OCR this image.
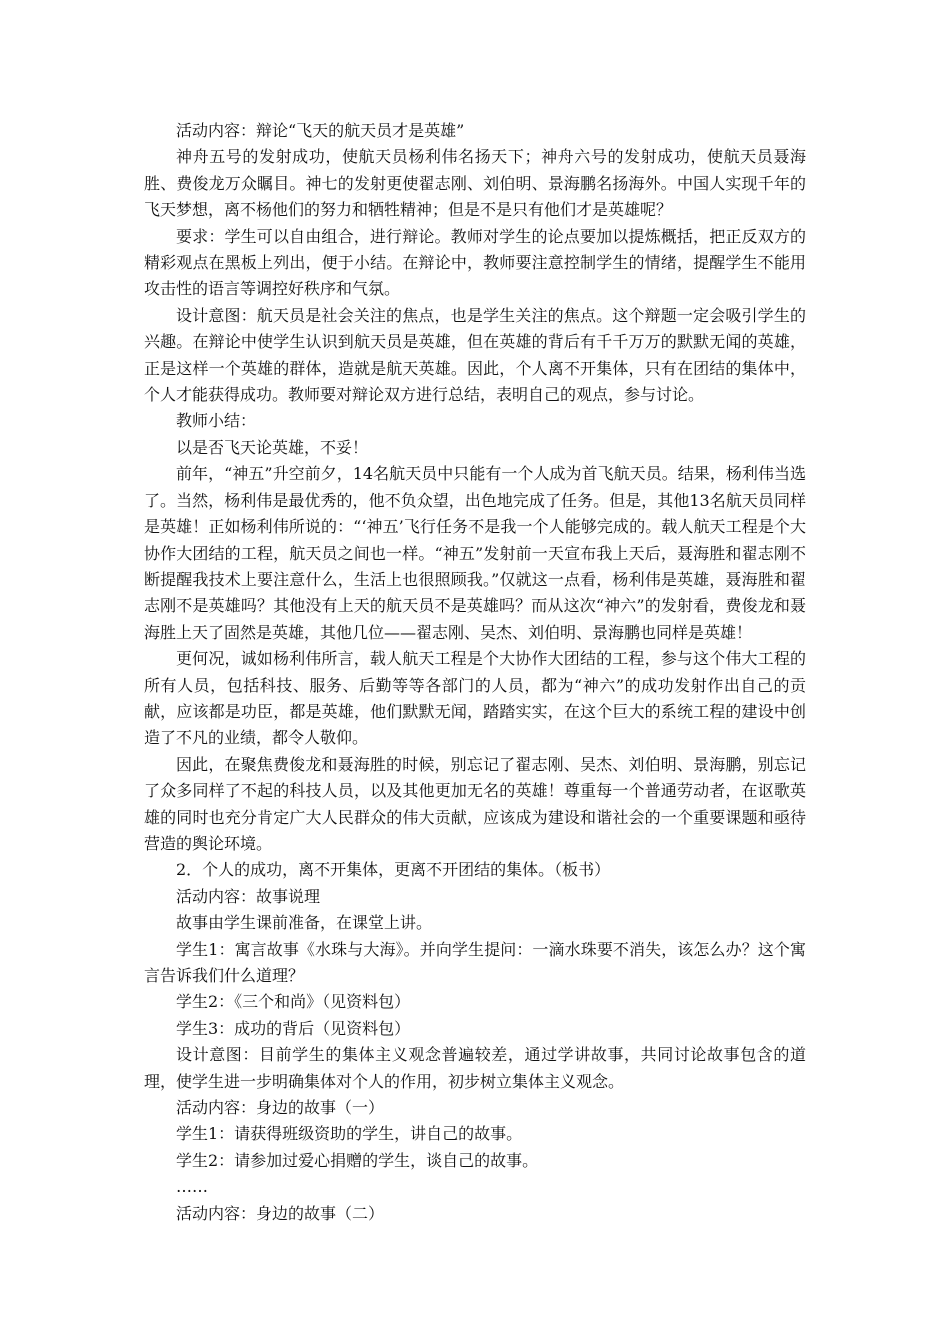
活动内容：辩论“飞天的航天员才是英雄”

神舟五号的发射成功，使航天员杨利伟名扬天下；神舟六号的发射成功，使航天员聂海胜、费俊龙万众瞩目。神七的发射更使翟志刚、刘伯明、景海鹏名扬海外。中国人实现千年的飞天梦想，离不杨他们的努力和牺牲精神；但是不是只有他们才是英雄呢？

要求：学生可以自由组合，进行辩论。教师对学生的论点要加以提炼概括，把正反双方的精彩观点在黑板上列出，便于小结。在辩论中，教师要注意控制学生的情绪，提醒学生不能用攻击性的语言等调控好秩序和气氛。

设计意图：航天员是社会关注的焦点，也是学生关注的焦点。这个辩题一定会吸引学生的兴趣。在辩论中使学生认识到航天员是英雄，但在英雄的背后有千千万万的默默无闻的英雄，正是这样一个英雄的群体，造就是航天英雄。因此，个人离不开集体，只有在团结的集体中，个人才能获得成功。教师要对辩论双方进行总结，表明自己的观点，参与讨论。

教师小结：

以是否飞天论英雄，不妥！

前年，“神五”升空前夕，14名航天员中只能有一个人成为首飞航天员。结果，杨利伟当选了。当然，杨利伟是最优秀的，他不负众望，出色地完成了任务。但是，其他13名航天员同样是英雄！正如杨利伟所说的：“‘神五’飞行任务不是我一个人能够完成的。载人航天工程是个大协作大团结的工程，航天员之间也一样。“神五”发射前一天宣布我上天后，聂海胜和翟志刚不断提醒我技术上要注意什么，生活上也很照顾我。”仅就这一点看，杨利伟是英雄，聂海胜和翟志刚不是英雄吗？其他没有上天的航天员不是英雄吗？而从这次“神六”的发射看，费俊龙和聂海胜上天了固然是英雄，其他几位——翟志刚、吴杰、刘伯明、景海鹏也同样是英雄！

更何况，诚如杨利伟所言，载人航天工程是个大协作大团结的工程，参与这个伟大工程的所有人员，包括科技、服务、后勤等等各部门的人员，都为“神六”的成功发射作出自己的贡献，应该都是功臣，都是英雄，他们默默无闻，踏踏实实，在这个巨大的系统工程的建设中创造了不凡的业绩，都令人敬仰。

因此，在聚焦费俊龙和聂海胜的时候，别忘记了翟志刚、吴杰、刘伯明、景海鹏，别忘记了众多同样了不起的科技人员，以及其他更加无名的英雄！尊重每一个普通劳动者，在讴歌英雄的同时也充分肯定广大人民群众的伟大贡献，应该成为建设和谐社会的一个重要课题和亟待营造的舆论环境。

2．个人的成功，离不开集体，更离不开团结的集体。（板书）

活动内容：故事说理

故事由学生课前准备，在课堂上讲。

学生1：寓言故事《水珠与大海》。并向学生提问：一滴水珠要不消失，该怎么办？这个寓言告诉我们什么道理？

学生2：《三个和尚》（见资料包）

学生3：成功的背后（见资料包）

设计意图：目前学生的集体主义观念普遍较差，通过学讲故事，共同讨论故事包含的道理，使学生进一步明确集体对个人的作用，初步树立集体主义观念。

活动内容：身边的故事（一）

学生1：请获得班级资助的学生，讲自己的故事。

学生2：请参加过爱心捐赠的学生，谈自己的故事。

……

活动内容：身边的故事（二）
